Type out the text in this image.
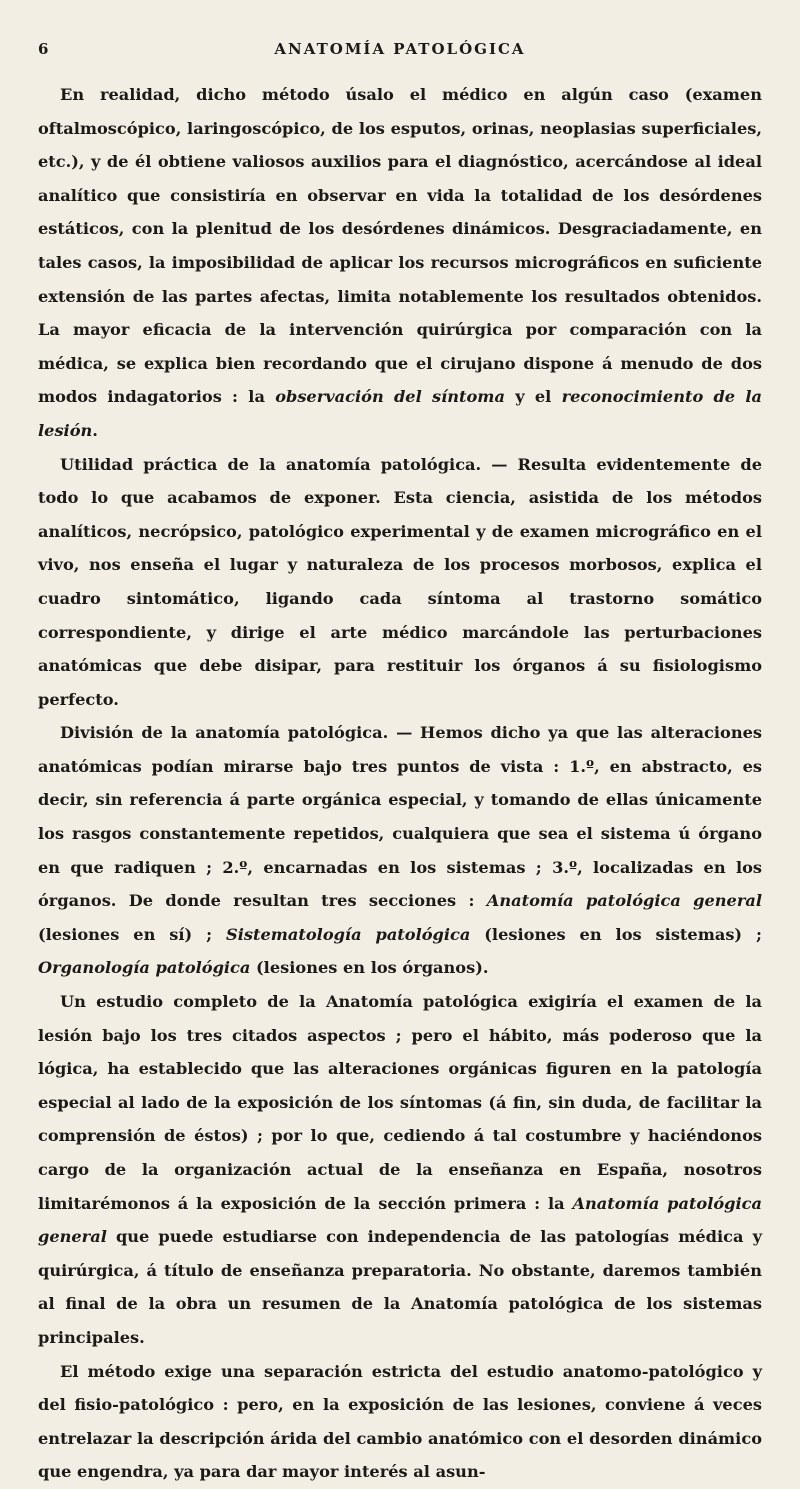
6	ANATOMÍA PATOLÓGICA

En realidad, dicho método úsalo el médico en algún caso (examen oftalmoscópico, laringoscópico, de los esputos, orinas, neoplasias superficiales, etc.), y de él obtiene valiosos auxilios para el diagnóstico, acercándose al ideal analítico que consistiría en observar en vida la totalidad de los desórdenes estáticos, con la plenitud de los desórdenes dinámicos. Desgraciadamente, en tales casos, la imposibilidad de aplicar los recursos micrográficos en suficiente extensión de las partes afectas, limita notablemente los resultados obtenidos. La mayor eficacia de la intervención quirúrgica por comparación con la médica, se explica bien recordando que el cirujano dispone á menudo de dos modos indagatorios : la observación del síntoma y el reconocimiento de la lesión.

Utilidad práctica de la anatomía patológica. — Resulta evidentemente de todo lo que acabamos de exponer. Esta ciencia, asistida de los métodos analíticos, necrópsico, patológico experimental y de examen micrográfico en el vivo, nos enseña el lugar y naturaleza de los procesos morbosos, explica el cuadro sintomático, ligando cada síntoma al trastorno somático correspondiente, y dirige el arte médico marcándole las perturbaciones anatómicas que debe disipar, para restituir los órganos á su fisiologismo perfecto.

División de la anatomía patológica. — Hemos dicho ya que las alteraciones anatómicas podían mirarse bajo tres puntos de vista : 1.º, en abstracto, es decir, sin referencia á parte orgánica especial, y tomando de ellas únicamente los rasgos constantemente repetidos, cualquiera que sea el sistema ú órgano en que radiquen ; 2.º, encarnadas en los sistemas ; 3.º, localizadas en los órganos. De donde resultan tres secciones : Anatomía patológica general (lesiones en sí) ; Sistematología patológica (lesiones en los sistemas) ; Organología patológica (lesiones en los órganos).

Un estudio completo de la Anatomía patológica exigiría el examen de la lesión bajo los tres citados aspectos ; pero el hábito, más poderoso que la lógica, ha establecido que las alteraciones orgánicas figuren en la patología especial al lado de la exposición de los síntomas (á fin, sin duda, de facilitar la comprensión de éstos) ; por lo que, cediendo á tal costumbre y haciéndonos cargo de la organización actual de la enseñanza en España, nosotros limitarémonos á la exposición de la sección primera : la Anatomía patológica general que puede estudiarse con independencia de las patologías médica y quirúrgica, á título de enseñanza preparatoria. No obstante, daremos también al final de la obra un resumen de la Anatomía patológica de los sistemas principales.

El método exige una separación estricta del estudio anatomo-patológico y del fisio-patológico : pero, en la exposición de las lesiones, conviene á veces entrelazar la descripción árida del cambio anatómico con el desorden dinámico que engendra, ya para dar mayor interés al asun-
